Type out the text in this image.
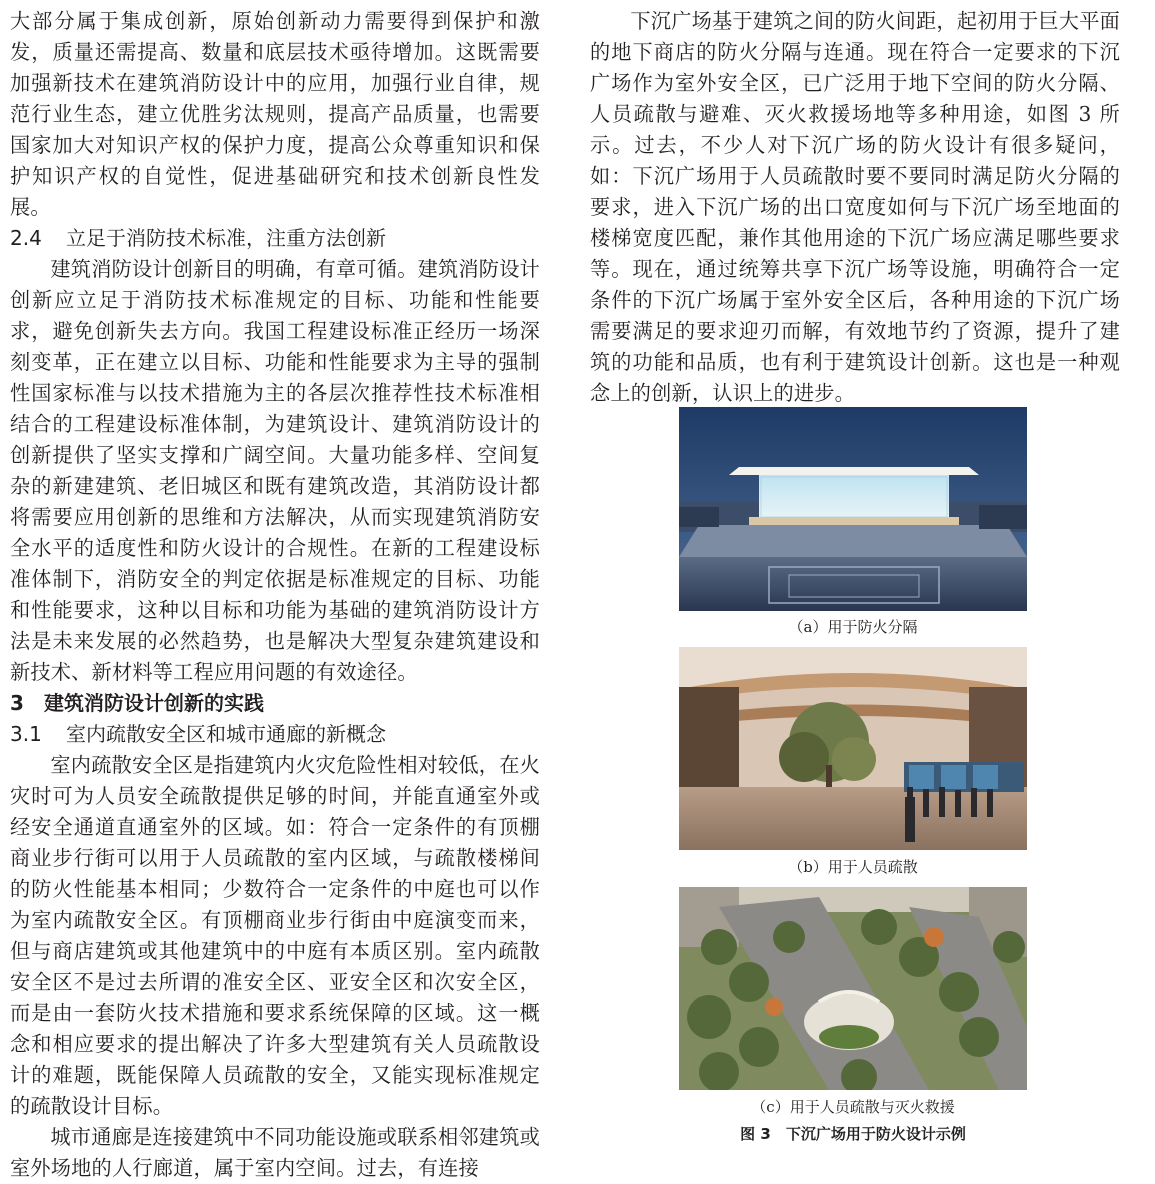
大部分属于集成创新，原始创新动力需要得到保护和激发，质量还需提高、数量和底层技术亟待增加。这既需要加强新技术在建筑消防设计中的应用，加强行业自律，规范行业生态，建立优胜劣汰规则，提高产品质量，也需要国家加大对知识产权的保护力度，提高公众尊重知识和保护知识产权的自觉性，促进基础研究和技术创新良性发展。

2.4 立足于消防技术标准，注重方法创新

建筑消防设计创新目的明确，有章可循。建筑消防设计创新应立足于消防技术标准规定的目标、功能和性能要求，避免创新失去方向。我国工程建设标准正经历一场深刻变革，正在建立以目标、功能和性能要求为主导的强制性国家标准与以技术措施为主的各层次推荐性技术标准相结合的工程建设标准体制，为建筑设计、建筑消防设计的创新提供了坚实支撑和广阔空间。大量功能多样、空间复杂的新建建筑、老旧城区和既有建筑改造，其消防设计都将需要应用创新的思维和方法解决，从而实现建筑消防安全水平的适度性和防火设计的合规性。在新的工程建设标准体制下，消防安全的判定依据是标准规定的目标、功能和性能要求，这种以目标和功能为基础的建筑消防设计方法是未来发展的必然趋势，也是解决大型复杂建筑建设和新技术、新材料等工程应用问题的有效途径。

3 建筑消防设计创新的实践
3.1 室内疏散安全区和城市通廊的新概念

室内疏散安全区是指建筑内火灾危险性相对较低，在火灾时可为人员安全疏散提供足够的时间，并能直通室外或经安全通道直通室外的区域。如：符合一定条件的有顶棚商业步行街可以用于人员疏散的室内区域，与疏散楼梯间的防火性能基本相同；少数符合一定条件的中庭也可以作为室内疏散安全区。有顶棚商业步行街由中庭演变而来，但与商店建筑或其他建筑中的中庭有本质区别。室内疏散安全区不是过去所谓的准安全区、亚安全区和次安全区，而是由一套防火技术措施和要求系统保障的区域。这一概念和相应要求的提出解决了许多大型建筑有关人员疏散设计的难题，既能保障人员疏散的安全，又能实现标准规定的疏散设计目标。

城市通廊是连接建筑中不同功能设施或联系相邻建筑或室外场地的人行廊道，属于室内空间。过去，有连接

下沉广场基于建筑之间的防火间距，起初用于巨大平面的地下商店的防火分隔与连通。现在符合一定要求的下沉广场作为室外安全区，已广泛用于地下空间的防火分隔、人员疏散与避难、灭火救援场地等多种用途，如图 3 所示。过去，不少人对下沉广场的防火设计有很多疑问，如：下沉广场用于人员疏散时要不要同时满足防火分隔的要求，进入下沉广场的出口宽度如何与下沉广场至地面的楼梯宽度匹配，兼作其他用途的下沉广场应满足哪些要求等。现在，通过统筹共享下沉广场等设施，明确符合一定条件的下沉广场属于室外安全区后，各种用途的下沉广场需要满足的要求迎刃而解，有效地节约了资源，提升了建筑的功能和品质，也有利于建筑设计创新。这也是一种观念上的创新，认识上的进步。

（a）用于防火分隔
（b）用于人员疏散
（c）用于人员疏散与灭火救援
图 3　下沉广场用于防火设计示例
